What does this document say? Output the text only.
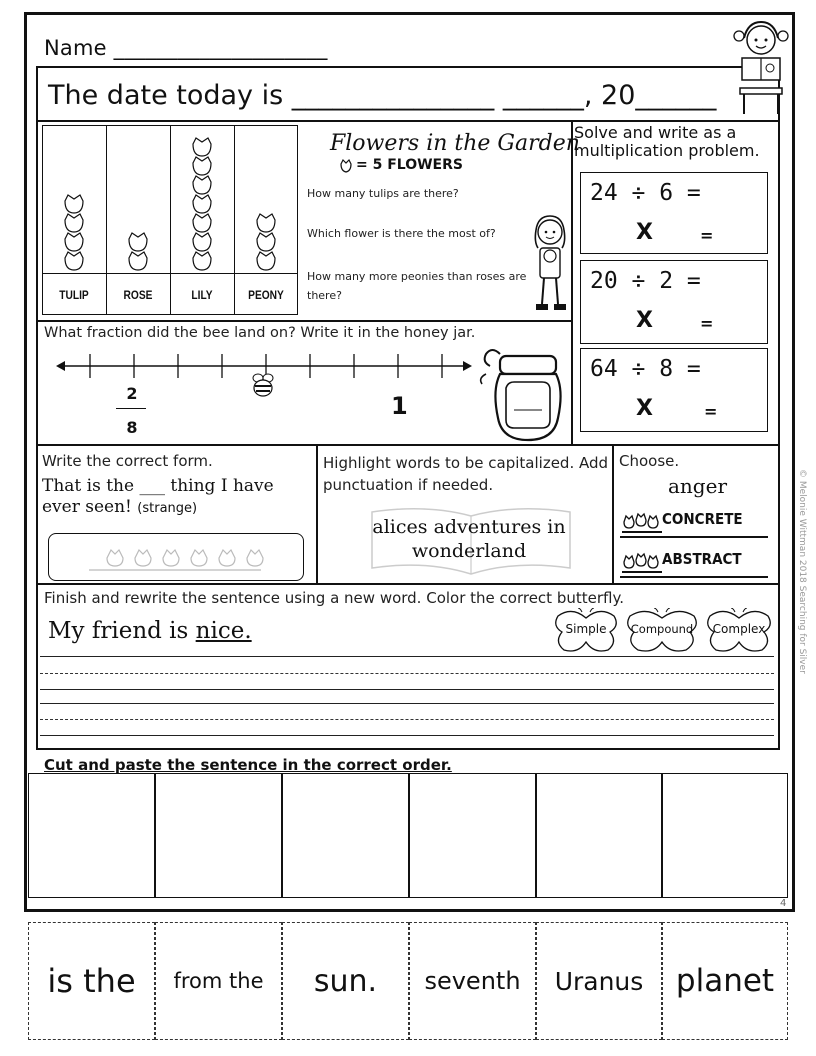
Name ____________________
The date today is _______________ ______, 20______
TULIP	ROSE	LILY	PEONY
Flowers in the Garden
= 5 FLOWERS
How many tulips are there?
Which flower is there the most of?
How many more peonies than roses are there?
Solve and write as a multiplication problem.
24 ÷ 6 =
X	=
20 ÷ 2 =
X	=
64 ÷ 8 =
X	=
What fraction did the bee land on? Write it in the honey jar.
2
8
1
Write the correct form.
That is the ___ thing I have ever seen! (strange)
Highlight words to be capitalized. Add punctuation if needed.
alices adventures in
wonderland
Choose.
anger
CONCRETE
ABSTRACT	© Melonie Wittman 2018 Searching for Silver
Finish and rewrite the sentence using a new word. Color the correct butterfly.
My friend is nice.	Simple	Compound	Complex
Cut and paste the sentence in the correct order.
4
is the from the sun. seventh Uranus planet
